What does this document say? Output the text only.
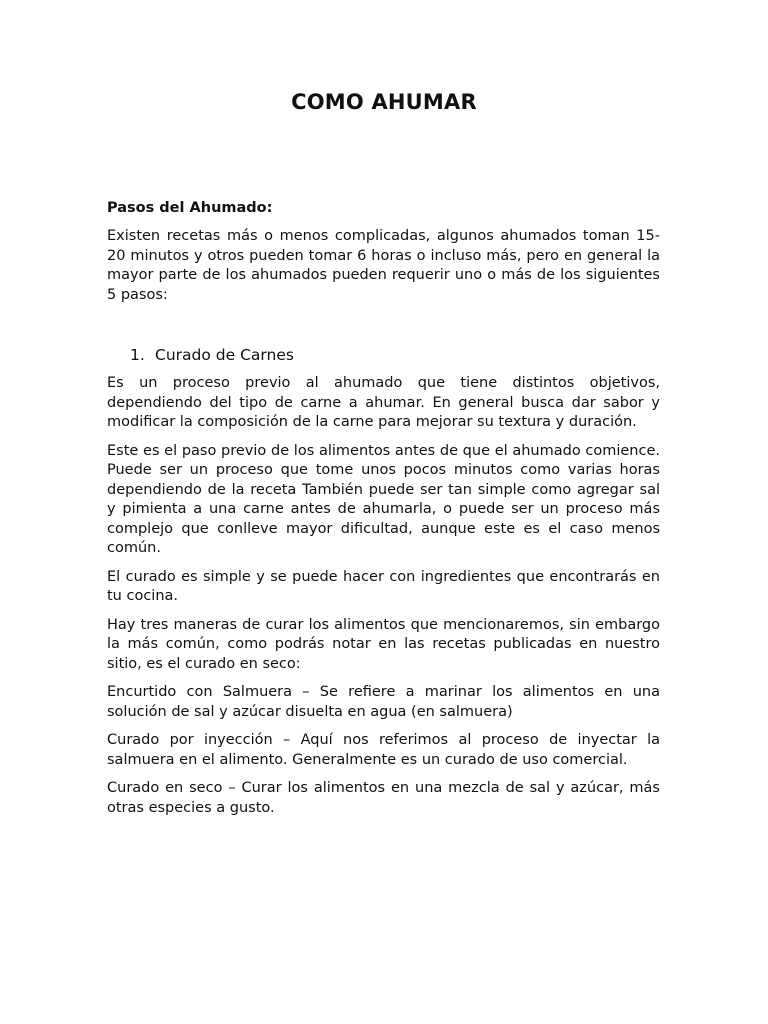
COMO AHUMAR

Pasos del Ahumado:

Existen recetas más o menos complicadas, algunos ahumados toman 15-20 minutos y otros pueden tomar 6 horas o incluso más, pero en general la mayor parte de los ahumados pueden requerir uno o más de los siguientes 5 pasos:

1. Curado de Carnes

Es un proceso previo al ahumado que tiene distintos objetivos, dependiendo del tipo de carne a ahumar. En general busca dar sabor y modificar la composición de la carne para mejorar su textura y duración.

Este es el paso previo de los alimentos antes de que el ahumado comience. Puede ser un proceso que tome unos pocos minutos como varias horas dependiendo de la receta También puede ser tan simple como agregar sal y pimienta a una carne antes de ahumarla, o puede ser un proceso más complejo que conlleve mayor dificultad, aunque este es el caso menos común.

El curado es simple y se puede hacer con ingredientes que encontrarás en tu cocina.

Hay tres maneras de curar los alimentos que mencionaremos, sin embargo la más común, como podrás notar en las recetas publicadas en nuestro sitio, es el curado en seco:

Encurtido con Salmuera – Se refiere a marinar los alimentos en una solución de sal y azúcar disuelta en agua (en salmuera)

Curado por inyección – Aquí nos referimos al proceso de inyectar la salmuera en el alimento. Generalmente es un curado de uso comercial.

Curado en seco – Curar los alimentos en una mezcla de sal y azúcar, más otras especies a gusto.
